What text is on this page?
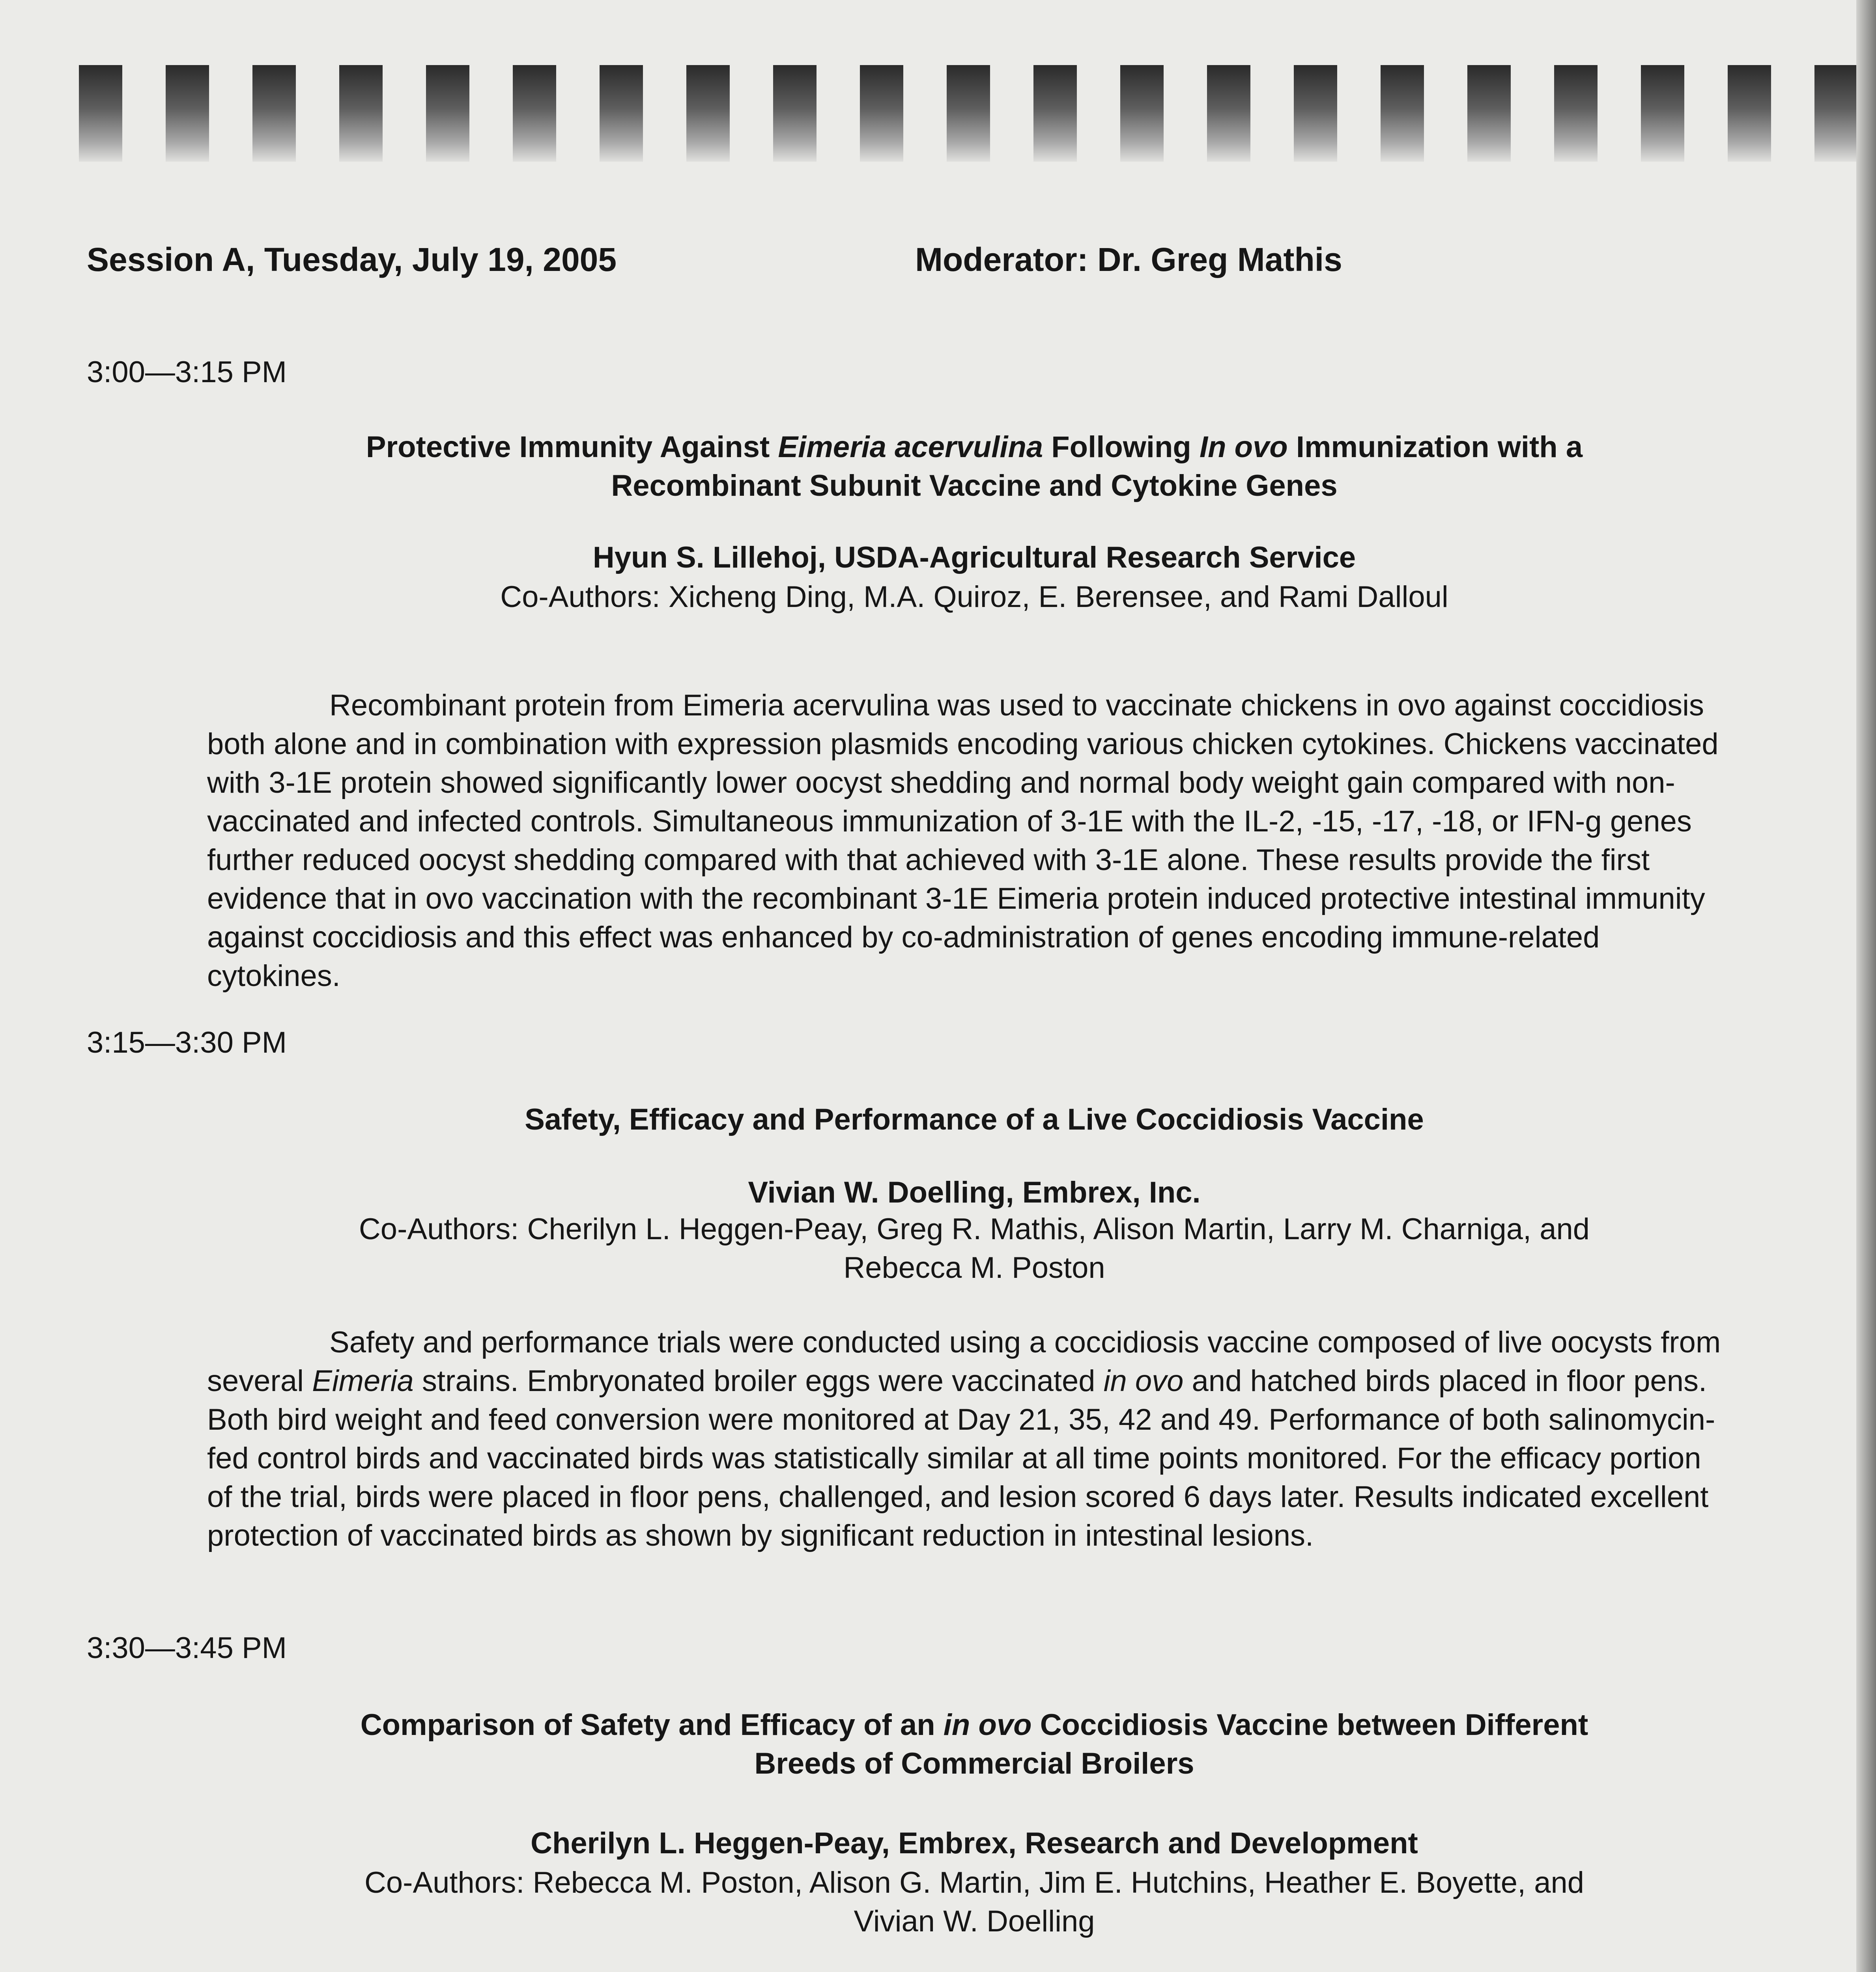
Session A, Tuesday, July 19, 2005	Moderator: Dr. Greg Mathis
3:00—3:15 PM
Protective Immunity Against Eimeria acervulina Following In ovo Immunization with a Recombinant Subunit Vaccine and Cytokine Genes
Hyun S. Lillehoj, USDA-Agricultural Research Service
Co-Authors: Xicheng Ding, M.A. Quiroz, E. Berensee, and Rami Dalloul
Recombinant protein from Eimeria acervulina was used to vaccinate chickens in ovo against coccidiosis both alone and in combination with expression plasmids encoding various chicken cytokines. Chickens vaccinated with 3-1E protein showed significantly lower oocyst shedding and normal body weight gain compared with non-vaccinated and infected controls. Simultaneous immunization of 3-1E with the IL-2, -15, -17, -18, or IFN-g genes further reduced oocyst shedding compared with that achieved with 3-1E alone. These results provide the first evidence that in ovo vaccination with the recombinant 3-1E Eimeria protein induced protective intestinal immunity against coccidiosis and this effect was enhanced by co-administration of genes encoding immune-related cytokines.
3:15—3:30 PM
Safety, Efficacy and Performance of a Live Coccidiosis Vaccine
Vivian W. Doelling, Embrex, Inc.
Co-Authors: Cherilyn L. Heggen-Peay, Greg R. Mathis, Alison Martin, Larry M. Charniga, and Rebecca M. Poston
Safety and performance trials were conducted using a coccidiosis vaccine composed of live oocysts from several Eimeria strains. Embryonated broiler eggs were vaccinated in ovo and hatched birds placed in floor pens. Both bird weight and feed conversion were monitored at Day 21, 35, 42 and 49. Performance of both salinomycin-fed control birds and vaccinated birds was statistically similar at all time points monitored. For the efficacy portion of the trial, birds were placed in floor pens, challenged, and lesion scored 6 days later. Results indicated excellent protection of vaccinated birds as shown by significant reduction in intestinal lesions.
3:30—3:45 PM
Comparison of Safety and Efficacy of an in ovo Coccidiosis Vaccine between Different Breeds of Commercial Broilers
Cherilyn L. Heggen-Peay, Embrex, Research and Development
Co-Authors: Rebecca M. Poston, Alison G. Martin, Jim E. Hutchins, Heather E. Boyette, and Vivian W. Doelling
